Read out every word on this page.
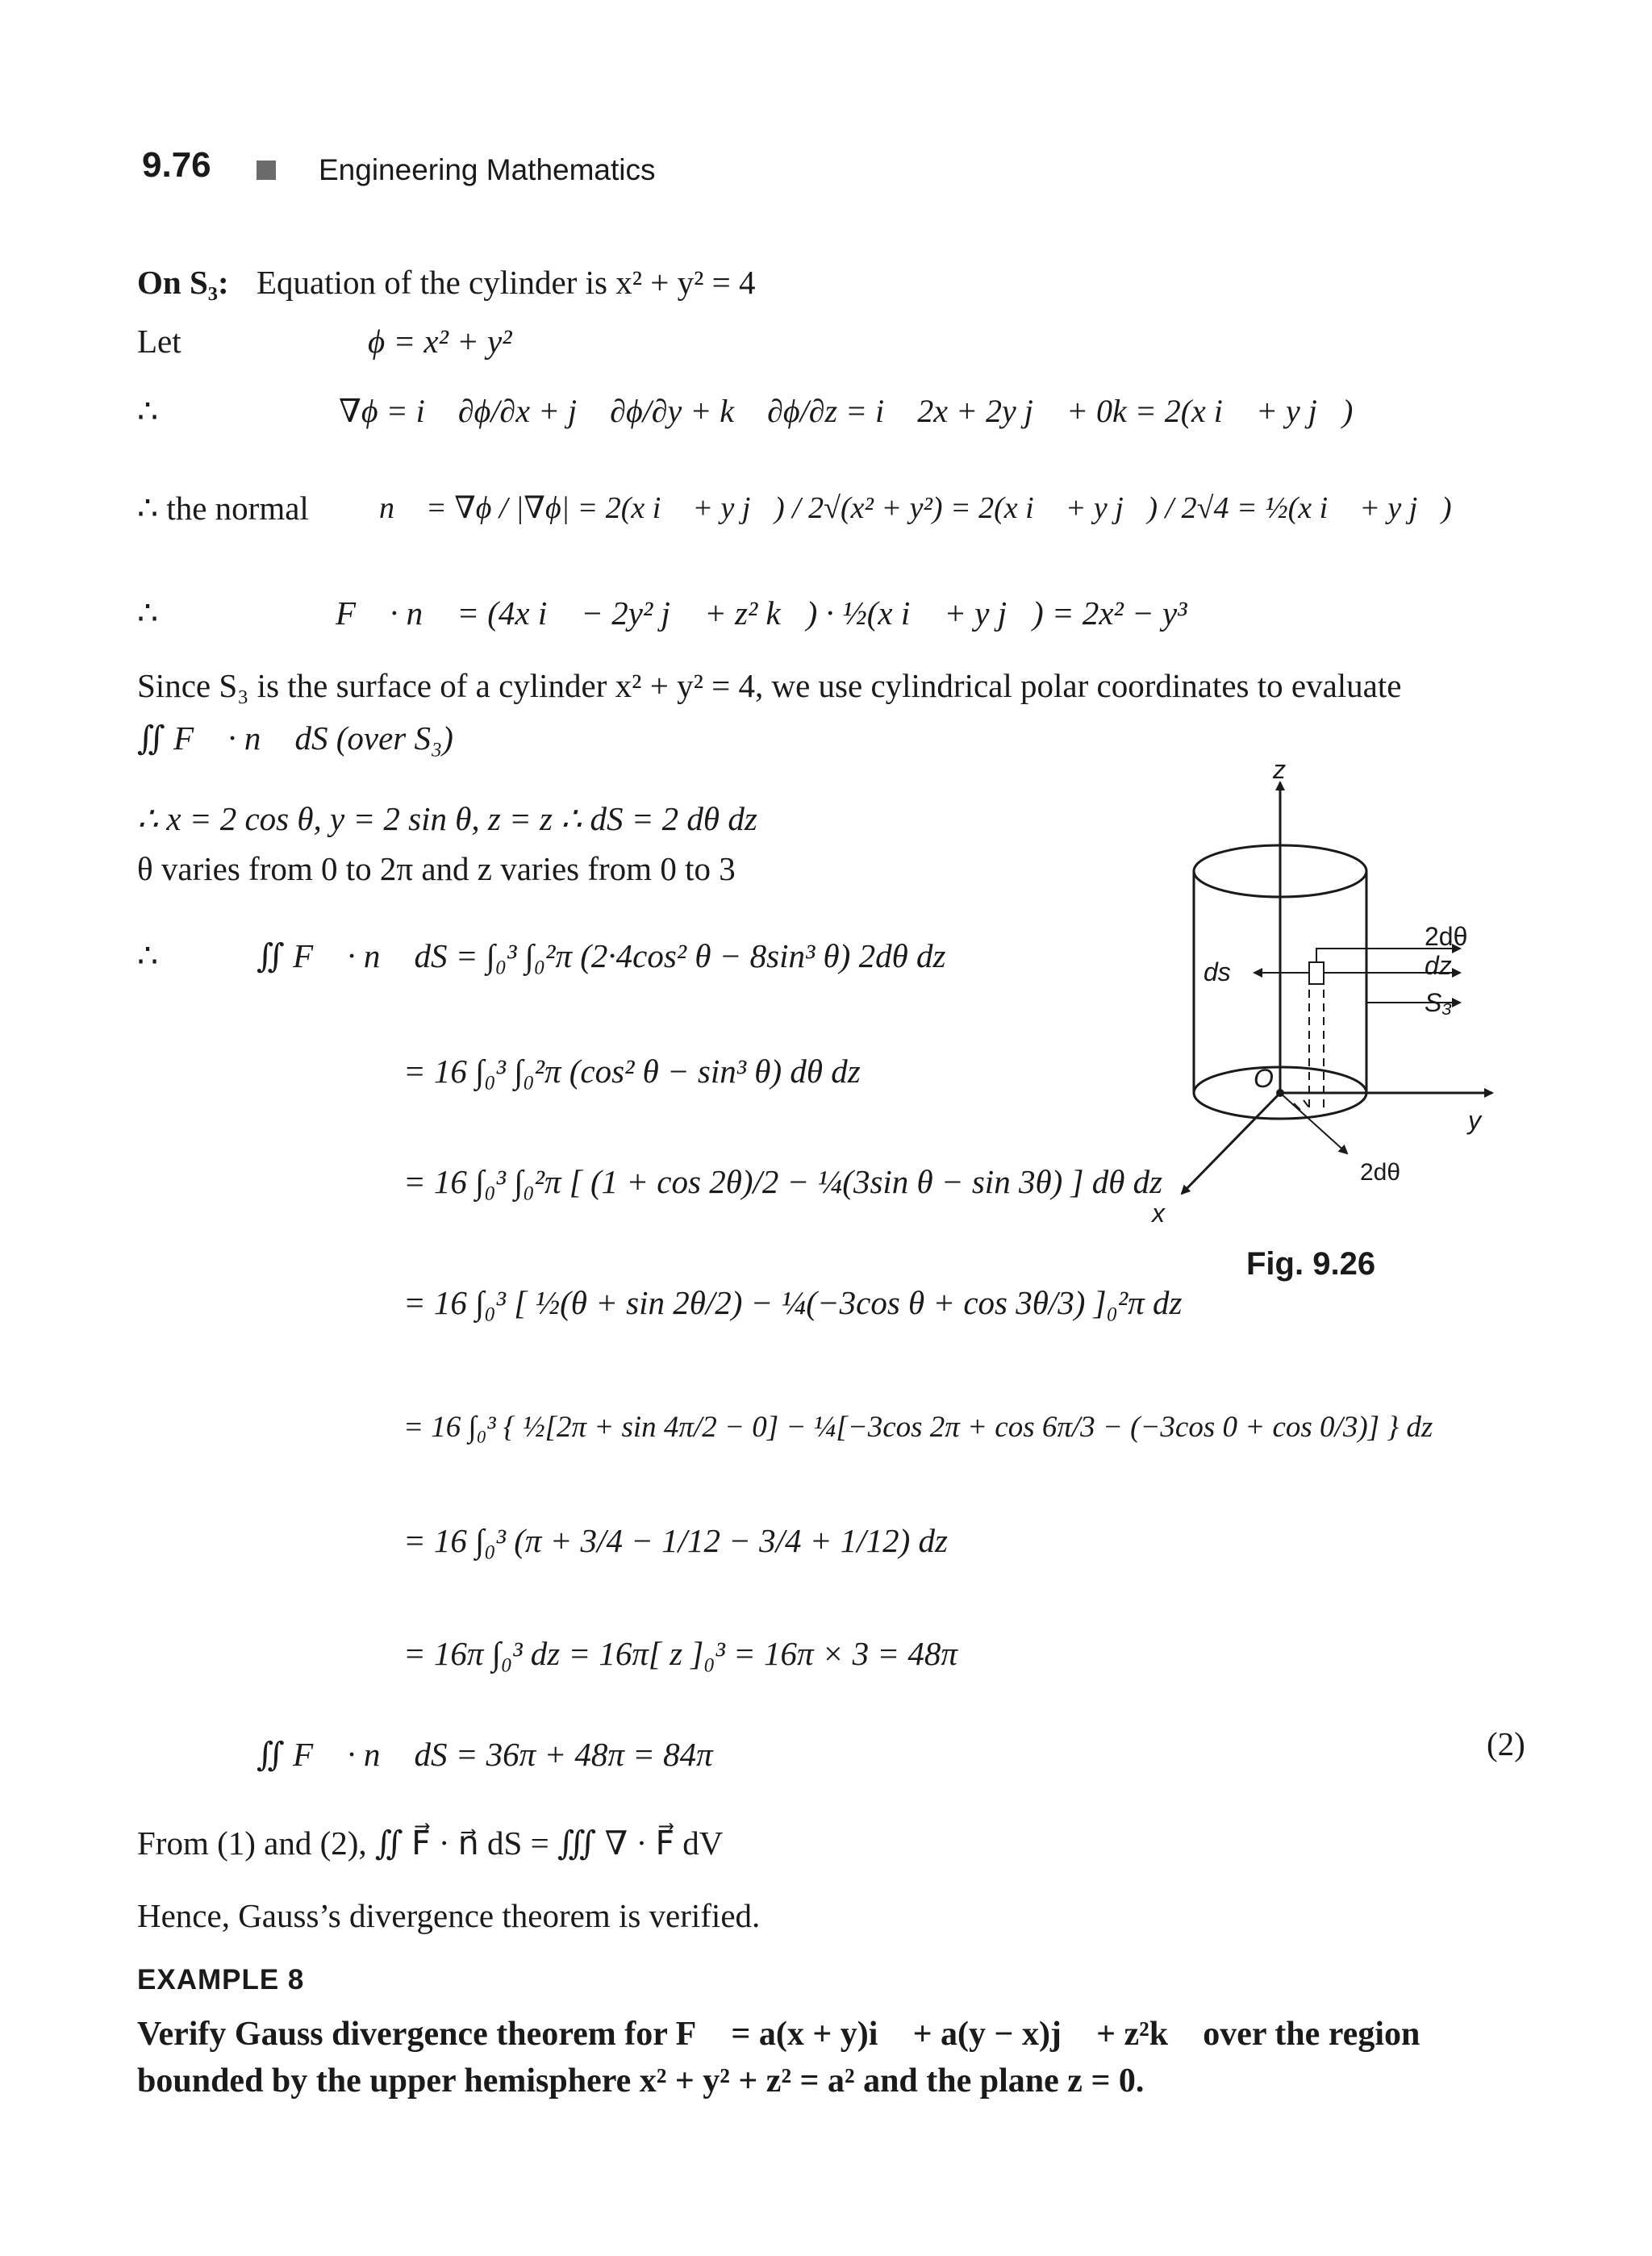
9.76	Engineering Mathematics
On S₃: Equation of the cylinder is x² + y² = 4
Let	ϕ = x² + y²
∴	∇ϕ = i⃗ ∂ϕ/∂x + j⃗ ∂ϕ/∂y + k⃗ ∂ϕ/∂z = i⃗ 2x + 2y j⃗ + 0k = 2(x i⃗ + y j⃗)
∴ the normal n⃗ = ∇ϕ / |∇ϕ| = 2(x i⃗ + y j⃗) / 2√(x² + y²) = 2(x i⃗ + y j⃗) / 2√4 = ½(x i⃗ + y j⃗)
∴	F⃗ · n⃗ = (4x i⃗ − 2y² j⃗ + z² k⃗) · ½(x i⃗ + y j⃗) = 2x² − y³
Since S₃ is the surface of a cylinder x² + y² = 4, we use cylindrical polar coordinates to evaluate
∬ F⃗ · n⃗ dS (over S₃)
∴ x = 2 cos θ, y = 2 sin θ, z = z ∴ dS = 2 dθ dz
θ varies from 0 to 2π and z varies from 0 to 3
∴	∬ F⃗ · n⃗ dS = ∫₀³ ∫₀²π (2·4cos² θ − 8sin³ θ) 2dθ dz
= 16 ∫₀³ ∫₀²π (cos² θ − sin³ θ) dθ dz
= 16 ∫₀³ ∫₀²π [ (1 + cos 2θ)/2 − ¼(3sin θ − sin 3θ) ] dθ dz
= 16 ∫₀³ [ ½(θ + sin 2θ/2) − ¼(−3cos θ + cos 3θ/3) ]₀²π dz
= 16 ∫₀³ { ½[2π + sin 4π/2 − 0] − ¼[−3cos 2π + cos 6π/3 − (−3cos 0 + cos 0/3)] } dz
= 16 ∫₀³ (π + 3/4 − 1/12 − 3/4 + 1/12) dz
= 16π ∫₀³ dz = 16π[ z ]₀³ = 16π × 3 = 48π
∬ F⃗ · n⃗ dS = 36π + 48π = 84π	(2)
From (1) and (2), ∬ F⃗ · n⃗ dS = ∭ ∇ · F⃗ dV
Hence, Gauss’s divergence theorem is verified.
EXAMPLE 8
Verify Gauss divergence theorem for F⃗ = a(x + y)i⃗ + a(y − x)j⃗ + z²k⃗ over the region bounded by the upper hemisphere x² + y² + z² = a² and the plane z = 0.
z
y
x
O
ds
2dθ
dz
S₃
2dθ
Fig. 9.26
